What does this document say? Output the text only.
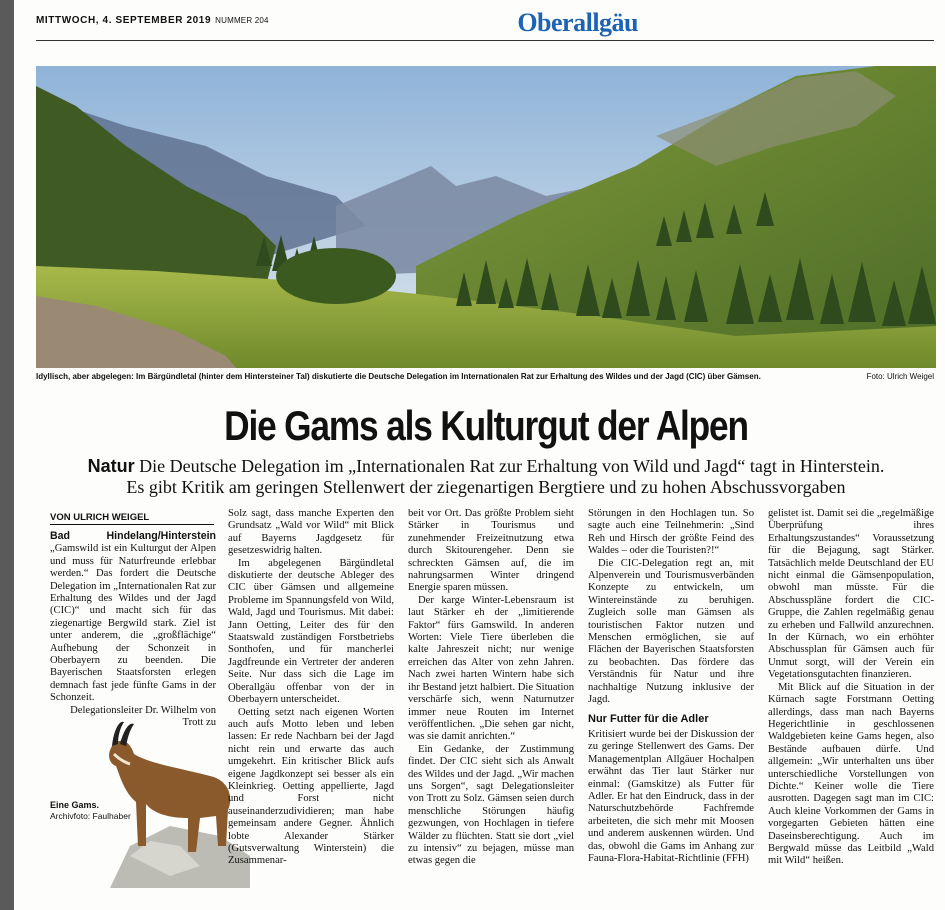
MITTWOCH, 4. SEPTEMBER 2019 NUMMER 204	Oberallgäu
Idyllisch, aber abgelegen: Im Bärgündletal (hinter dem Hintersteiner Tal) diskutierte die Deutsche Delegation im Internationalen Rat zur Erhaltung des Wildes und der Jagd (CIC) über Gämsen.	Foto: Ulrich Weigel
Die Gams als Kulturgut der Alpen
Natur Die Deutsche Delegation im „Internationalen Rat zur Erhaltung von Wild und Jagd“ tagt in Hinterstein.
Es gibt Kritik am geringen Stellenwert der ziegenartigen Bergtiere und zu hohen Abschussvorgaben
VON ULRICH WEIGEL

Bad Hindelang/Hinterstein „Gamswild ist ein Kulturgut der Alpen und muss für Naturfreunde erlebbar werden.“ Das fordert die Deutsche Delegation im „Internationalen Rat zur Erhaltung des Wildes und der Jagd (CIC)“ und macht sich für das ziegenartige Bergwild stark. Ziel ist unter anderem, die „großflächige“ Aufhebung der Schonzeit in Oberbayern zu beenden. Die Bayerischen Staatsforsten erlegen demnach fast jede fünfte Gams in der Schonzeit.

Delegationsleiter Dr. Wilhelm von Trott zu

Eine Gams.
Archivfoto: Faulhaber

Solz sagt, dass manche Experten den Grundsatz „Wald vor Wild“ mit Blick auf Bayerns Jagdgesetz für gesetzeswidrig halten.

Im abgelegenen Bärgündletal diskutierte der deutsche Ableger des CIC über Gämsen und allgemeine Probleme im Spannungsfeld von Wild, Wald, Jagd und Tourismus. Mit dabei: Jann Oetting, Leiter des für den Staatswald zuständigen Forstbetriebs Sonthofen, und für mancherlei Jagdfreunde ein Vertreter der anderen Seite. Nur dass sich die Lage im Oberallgäu offenbar von der in Oberbayern unterscheidet.

Oetting setzt nach eigenen Worten auch aufs Motto leben und leben lassen: Er rede Nachbarn bei der Jagd nicht rein und erwarte das auch umgekehrt. Ein kritischer Blick aufs eigene Jagdkonzept sei besser als ein Kleinkrieg. Oetting appellierte, Jagd und Forst nicht auseinanderzudividieren; man habe gemeinsam andere Gegner. Ähnlich lobte Alexander Stärker (Gutsverwaltung Winterstein) die Zusammenar-

beit vor Ort. Das größte Problem sieht Stärker in Tourismus und zunehmender Freizeitnutzung etwa durch Skitourengeher. Denn sie schreckten Gämsen auf, die im nahrungsarmen Winter dringend Energie sparen müssen.

Der karge Winter-Lebensraum ist laut Stärker eh der „limitierende Faktor“ fürs Gamswild. In anderen Worten: Viele Tiere überleben die kalte Jahreszeit nicht; nur wenige erreichen das Alter von zehn Jahren. Nach zwei harten Wintern habe sich ihr Bestand jetzt halbiert. Die Situation verschärfe sich, wenn Naturnutzer immer neue Routen im Internet veröffentlichen. „Die sehen gar nicht, was sie damit anrichten.“

Ein Gedanke, der Zustimmung findet. Der CIC sieht sich als Anwalt des Wildes und der Jagd. „Wir machen uns Sorgen“, sagt Delegationsleiter von Trott zu Solz. Gämsen seien durch menschliche Störungen häufig gezwungen, von Hochlagen in tiefere Wälder zu flüchten. Statt sie dort „viel zu intensiv“ zu bejagen, müsse man etwas gegen die

Störungen in den Hochlagen tun. So sagte auch eine Teilnehmerin: „Sind Reh und Hirsch der größte Feind des Waldes – oder die Touristen?!“

Die CIC-Delegation regt an, mit Alpenverein und Tourismusverbänden Konzepte zu entwickeln, um Wintereinstände zu beruhigen. Zugleich solle man Gämsen als touristischen Faktor nutzen und Menschen ermöglichen, sie auf Flächen der Bayerischen Staatsforsten zu beobachten. Das fördere das Verständnis für Natur und ihre nachhaltige Nutzung inklusive der Jagd.

Nur Futter für die Adler

Kritisiert wurde bei der Diskussion der zu geringe Stellenwert des Gams. Der Managementplan Allgäuer Hochalpen erwähnt das Tier laut Stärker nur einmal: (Gamskitze) als Futter für Adler. Er hat den Eindruck, dass in der Naturschutzbehörde Fachfremde arbeiteten, die sich mehr mit Moosen und anderem auskennen würden. Und das, obwohl die Gams im Anhang zur Fauna-Flora-Habitat-Richtlinie (FFH)

gelistet ist. Damit sei die „regelmäßige Überprüfung ihres Erhaltungszustandes“ Voraussetzung für die Bejagung, sagt Stärker. Tatsächlich melde Deutschland der EU nicht einmal die Gämsenpopulation, obwohl man müsste. Für die Abschusspläne fordert die CIC-Gruppe, die Zahlen regelmäßig genau zu erheben und Fallwild anzurechnen. In der Kürnach, wo ein erhöhter Abschussplan für Gämsen auch für Unmut sorgt, will der Verein ein Vegetationsgutachten finanzieren.

Mit Blick auf die Situation in der Kürnach sagte Forstmann Oetting allerdings, dass man nach Bayerns Hegerichtlinie in geschlossenen Waldgebieten keine Gams hegen, also Bestände aufbauen dürfe. Und allgemein: „Wir unterhalten uns über unterschiedliche Vorstellungen von Dichte.“ Keiner wolle die Tiere ausrotten. Dagegen sagt man im CIC: Auch kleine Vorkommen der Gams in vorgegarten Gebieten hätten eine Daseinsberechtigung. Auch im Bergwald müsse das Leitbild „Wald mit Wild“ heißen.
